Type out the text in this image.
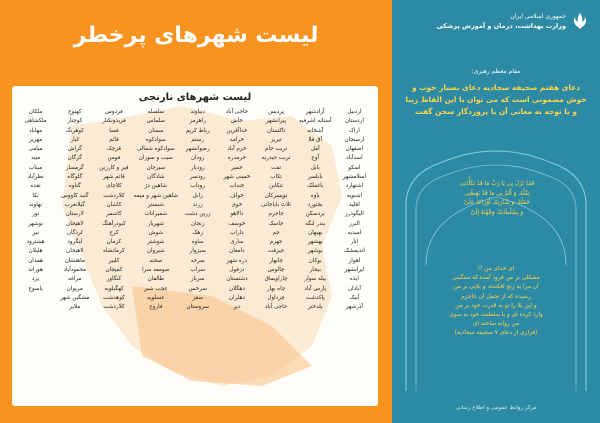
لیست شهرهای پرخطر
لیست شهرهای نارنجی
اردبیل
آزادشهر
پردیس
حاجی آباد
دنیاوند
سلسله
فردوس
کهنوج
ملکان
اردستان
آستانه اشرفیه
پیرانشهر
خاش
راهرمز
سلماس
فریدونکنار
کوچنار
ملکشاهی
اراک
آشخانه
تاکستان
خداآفرین
رباط کریم
سمنان
فسا
کوهرنگ
مهاباد
ارسنجان
آق قلا
تبریز
خرامه
رستم
سوادکوه
قائم
کیار
مهریز
اصفهان
آمل
تربت جام
خرم آباد
رضوانشهر
سوادکوه شمالی
قرچک
گراش
میامی
اسدآباد
آوج
تربت حیدریه
خرمدره
رودان
سیب و سوران
فومن
گرگان
میبد
اسکو
بابل
تفت
خمیر
رودبار
سیرجان
قیر و کارزین
گرمسار
میناب
اسلامشهر
بابلسر
تکاب
خمینی شهر
رودسر
شادگان
قائم شهر
گلوگاه
نظرآباد
اشتهارد
باغملک
تنکابن
خنداب
روداب
شاهین دژ
کلاچای
گناوه
نقده
اشنویه
باوه
توپسرکان
خواف
زابل
شاهین شهر و میمه
کلاردشت
گنبد کاووس
نکا
اقلید
بجنورد
ثلاث باباجانی
خوی
زرند
شبستر
کاشان
گیلانغرب
نهاوند
الیگودرز
بردسکن
جاجرم
دالاهو
زرین دشت
شمیرانات
کاشمر
لارستان
نور
البرز
بندر لنگه
جاسک
خوسف
زنجان
شهریار
کبودرآهنگ
لاهیجان
نوشهر
امیدیه
بهبهان
جم
داراب
زهک
شوش
کرج
لردگان
نیر
انار
بهشهر
جهرم
ساری
ساوه
شوشتر
کرمان
لنگرود
هشترود
اندیمشک
بوشهر
جیرفت
دامغان
سبزوار
شیروان
کرمانشاه
لاهیجان
هلیلان
اهواز
بوکان
چابهار
دره شهر
سرخه
صحنه
کلیبر
ماهنشان
همدان
ایرانشهر
بیجار
چالوس
دزفول
سراب
صومعه سرا
کمیجان
محمودآباد
هوراند
ایذه
بیله سوار
چاراویماق
دشتستان
سرباز
طالقان
کنگاور
مراغه
یزد
آبادان
پارس آباد
چاه بهار
دهگلان
سرخس
عجب شیر
کهگیلویه
مریوان
یاسوج
آبیک
پاکدشت
چرداول
دهلران
سقز
عسلویه
کوهدشت
مشگین شهر
آذرشهر
پلدختر
حاجی آباد
دیر
سروستان
فاروج
کلاردشت
ملاير
جمهوری اسلامی ایران
وزارت بهداشت، درمان و آموزش پزشکی
مقام معظم رهبری:
دعای هفتم صحیفه سجادیه دعای بسیار خوب و خوش مضمونی است که می توان با این الفاظ زیبا و با توجه به معانی آن با پروردگار سخن گفت
فَقَدْ نَزَلَ بِی یَا رَبِّ مَا قَدْ تَکَأَّدَنِی
ثِقْلُهُ، وَ أَلَمَّ بِی مَا قَدْ بَهَظَنِی
حَمْلُهُ. وَ بِقُدْرَتِکَ أَوْرَدْتَهُ عَلَیَّ
وَ بِسُلْطَانِکَ وَجَّهْتَهُ إِلَیَّ
ای خدای من !!
مشکلی بر من فرود آمده که سنگینی
آن مرا به رنج افکنده، و بلایی بر من
رسیده که از تحمل آن عاجزم
و این بلا را تو به قدرت خود بر من
وارد کرده ای و با سلطنت خود به سوی
من روانه ساخته ای
(فرازی از دعای ۷ صحیفه سجادیه)
مرکز روابط عمومی و اطلاع رسانی
